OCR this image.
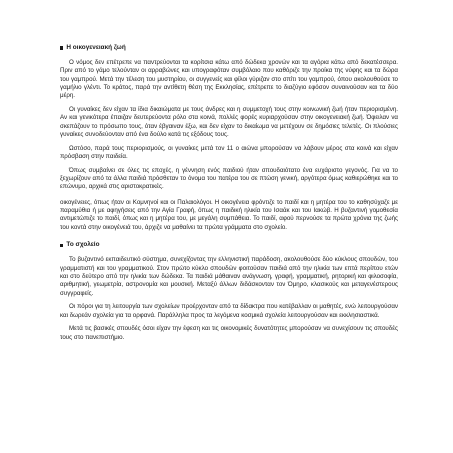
Η οικογενειακή ζωή

Ο νόμος δεν επέτρεπε να παντρεύονται τα κορίτσια κάτω από δώδεκα χρονών και τα αγόρια κάτω από δεκατέσσερα. Πριν από το γάμο τελούνταν οι αρραβώνες και υπογραφόταν συμβόλαιο που καθόριζε την προίκα της νύφης και τα δώρα του γαμπρού. Μετά την τέλεση του μυστηρίου, οι συγγενείς και φίλοι γύριζαν στο σπίτι του γαμπρού, όπου ακολουθούσε το γαμήλιο γλέντι. Το κράτος, παρά την αντίθετη θέση της Εκκλησίας, επέτρεπε το διαζύγιο εφόσον συναινούσαν και τα δύο μέρη.

Οι γυναίκες δεν είχαν τα ίδια δικαιώματα με τους άνδρες και η συμμετοχή τους στην κοινωνική ζωή ήταν περιορισμένη. Αν και γενικότερα έπαιζαν δευτερεύοντα ρόλο στα κοινά, πολλές φορές κυριαρχούσαν στην οικογενειακή ζωή. Όφειλαν να σκεπάζουν το πρόσωπο τους, όταν έβγαιναν έξω, και δεν είχαν το δικαίωμα να μετέχουν σε δημόσιες τελετές. Οι πλούσιες γυναίκες συνοδεύονταν από ένα δούλο κατά τις εξόδους τους.

Ωστόσο, παρά τους περιορισμούς, οι γυναίκες μετά τον 11 ο αιώνα μπορούσαν να λάβουν μέρος στα κοινά και είχαν πρόσβαση στην παιδεία.

Όπως συμβαίνει σε όλες τις εποχές, η γέννηση ενός παιδιού ήταν σπουδαιότατο ένα ευχάριστο γεγονός. Για να το ξεχωρίζουν από τα άλλα παιδιά πρόσθεταν το όνομα του πατέρα του σε πτώση γενική, αργότερα όμως καθιερώθηκε και το επώνυμο, αρχικά στις αριστοκρατικές.

οικογένειες, όπως ήταν οι Κομνηνοί και οι Παλαιολόγοι. Η οικογένεια φρόντιζε το παιδί και η μητέρα του το καθησύχαζε με παραμύθια ή με αφηγήσεις από την Αγία Γραφή, όπως η παιδική ηλικία του Ισαάκ και του Ιακώβ. Η βυζαντινή γομοθεσία αντιμετώπιζε το παιδί, όπως και η μητέρα του, με μεγάλη συμπάθεια. Το παιδί, αφού περνούσε τα πρώτα χρόνια της ζωής του κοντά στην οικογένειά του, άρχιζε να μαθαίνει τα πρώτα γράμματα στο σχολείο.

Το σχολείο

Το βυζαντινό εκπαιδευτικό σύστημα, συνεχίζοντας την ελληνιστική παράδοση, ακολουθούσε δύο κύκλους σπουδών, του γραμματιστή και του γραμματικού. Στον πρώτο κύκλο σπουδών φοιτούσαν παιδιά από την ηλικία των επτά περίπου ετών και στο δεύτερο από την ηλικία των δώδεκα. Τα παιδιά μάθαιναν ανάγνωση, γραφή, γραμματική, ρητορική και φιλοσοφία, αριθμητική, γεωμετρία, αστρονομία και μουσική. Μεταξύ άλλων διδάσκονταν τον Όμηρο, κλασικούς και μεταγενέστερους συγγραφείς.

Οι πόροι για τη λειτουργία των σχολείων προέρχονταν από τα δίδακτρα που κατέβαλλαν οι μαθητές, ενώ λειτουργούσαν και δωρεάν σχολεία για τα ορφανά. Παράλληλα προς τα λεγόμενα κοσμικά σχολεία λειτουργούσαν και εκκλησιαστικά.

Μετά τις βασικές σπουδές όσοι είχαν την έφεση και τις οικονομικές δυνατότητες μπορούσαν να συνεχίσουν τις σπουδές τους στο πανεπιστήμιο.
